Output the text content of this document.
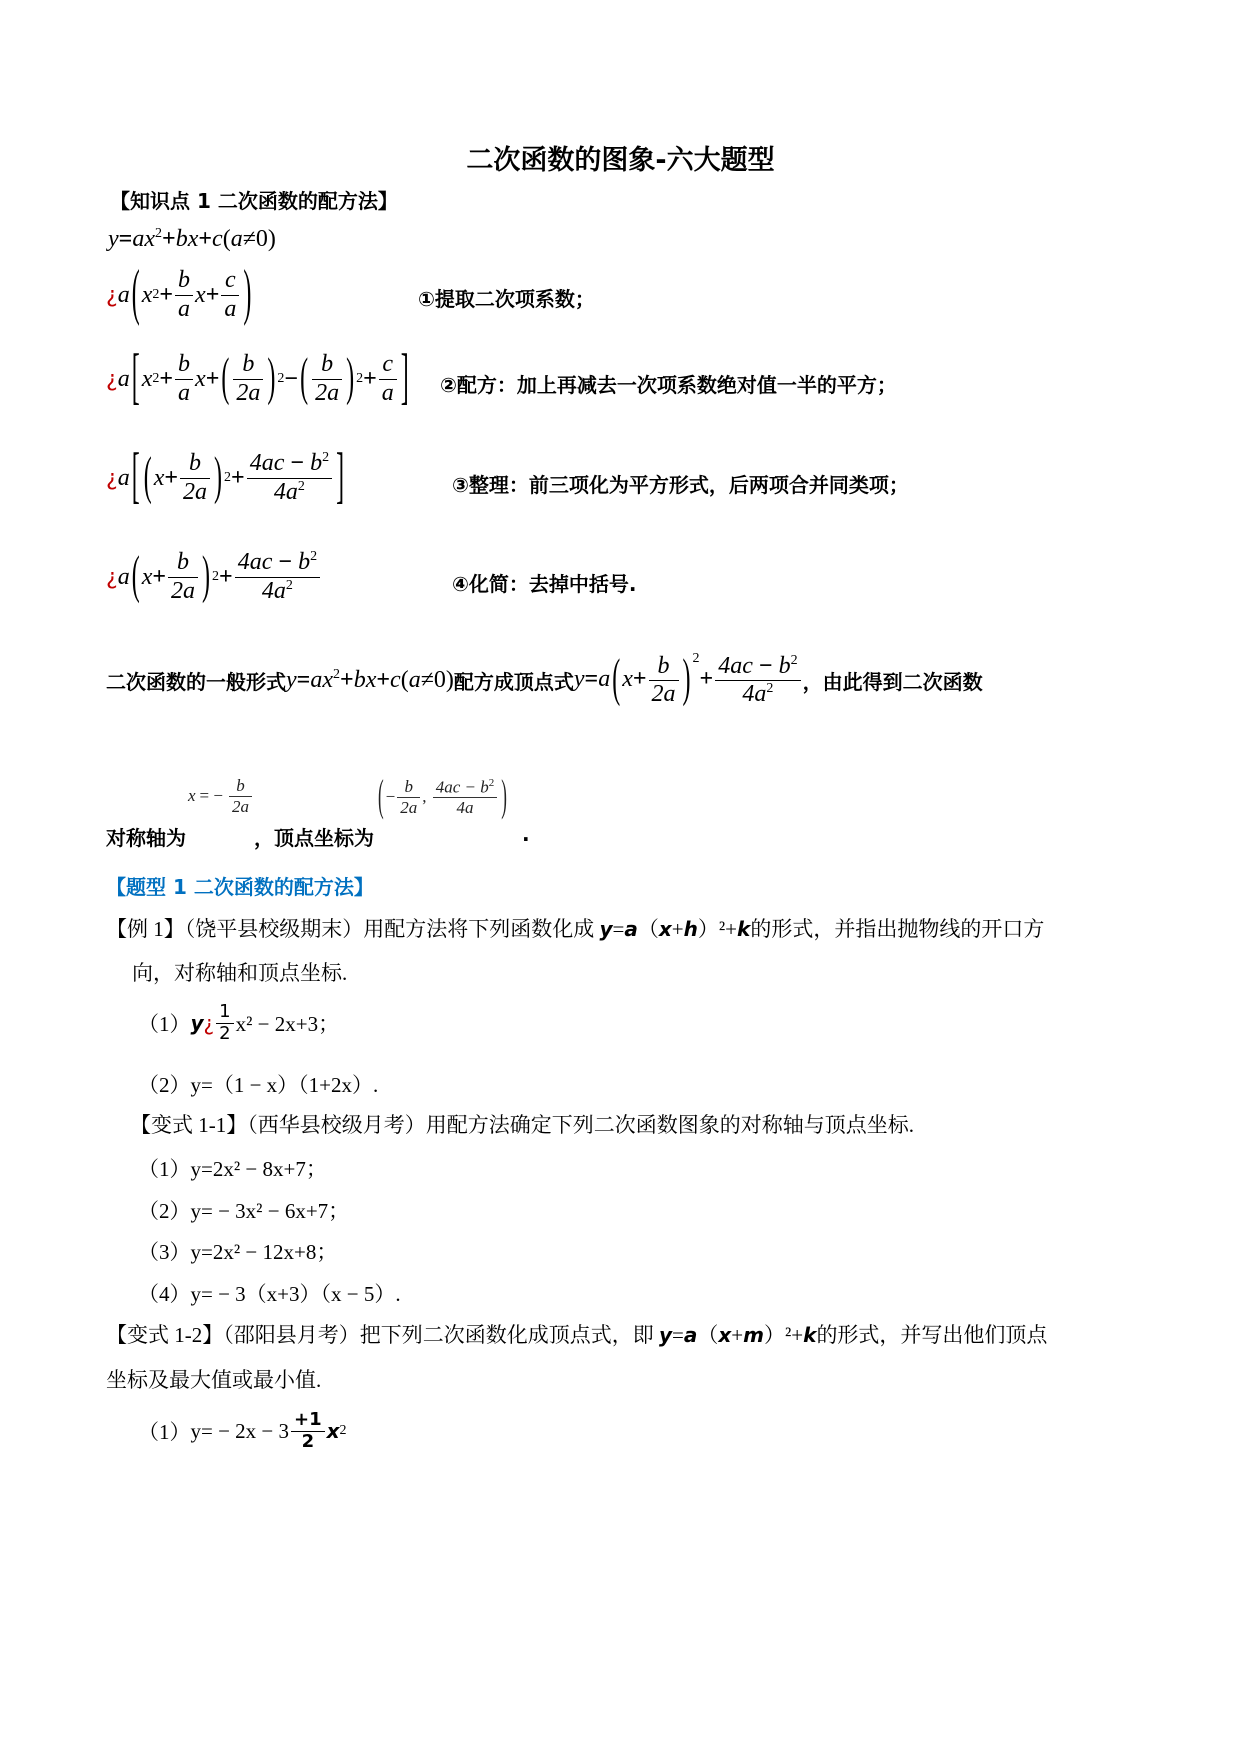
二次函数的图象-六大题型
【知识点 1 二次函数的配方法】
$y=ax^2+bx+c(a\ne 0)$
¿ a ( x $2 + \frac{b}{a}$ $x + \frac{c}{a}$ )	①提取二次项系数；
¿ a [ x $2 + \frac{b}{a}$ x + ( $\frac{b}{2a}$ ) 2 − ( $\frac{b}{2a}$ ) $2 + \frac{c}{a}$ ] ②配方：加上再减去一次项系数绝对值一半的平方；
¿ a [ ( $x + \frac{b}{2a}$ ) $2 + \frac{4ac - b^2}{4a^2}$ ]	③整理：前三项化为平方形式，后两项合并同类项；
¿ a ( $x + \frac{b}{2a}$ ) $2 + \frac{4ac - b^2}{4a^2}$	④化简：去掉中括号.
二次函数的一般形式 $y=ax^2+bx+c(a\ne 0)$ 配方成顶点式 $y=a(x+ \frac{b}{2a}$ ) $^2+ \frac{4ac - b^2}{4a^2}$ ，由此得到二次函数
x = − $\frac{b}{2a}$	( − $\frac{b}{2a}$ ,
$\frac{4ac - b^2}{4a}$ )
对称轴为	，顶点坐标为	.
【题型 1 二次函数的配方法】
【例 1】（饶平县校级期末）用配方法将下列函数化成 y=a（x+h）²+k的形式，并指出抛物线的开口方
向，对称轴和顶点坐标.
（1） y ¿ $\frac{1}{2} x^2 - 2x+3$；
（2）y=（1 − x）（1+2x）.
【变式 1-1】（西华县校级月考）用配方法确定下列二次函数图象的对称轴与顶点坐标.
（1）y=2x² − 8x+7；
（2）y= − 3x² − 6x+7；
（3）y=2x² − 12x+8；
（4）y= − 3（x+3）（x − 5）.
【变式 1-2】（邵阳县月考）把下列二次函数化成顶点式，即 y=a（x+m）²+k的形式，并写出他们顶点
坐标及最大值或最小值.
（1） $y= - 2x - 3 \frac{+1}{2}$ x 2
